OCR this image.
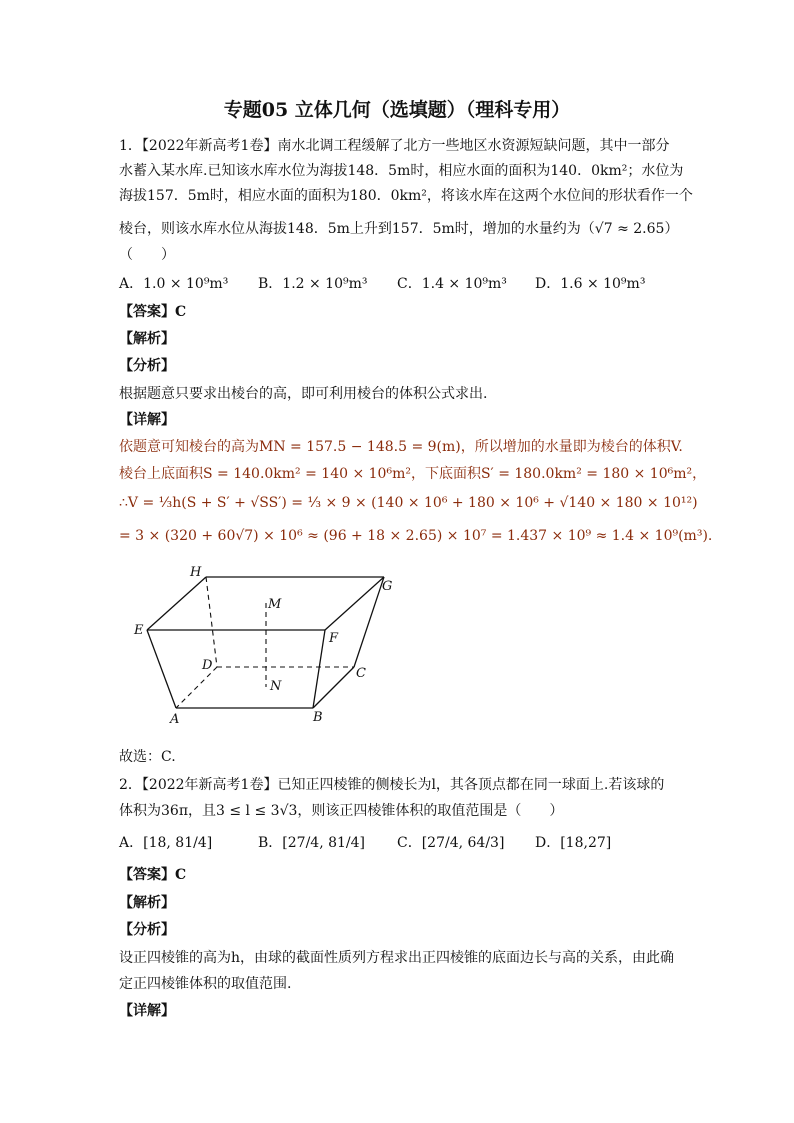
专题05 立体几何（选填题）（理科专用）
1．【2022年新高考1卷】南水北调工程缓解了北方一些地区水资源短缺问题，其中一部分
水蓄入某水库.已知该水库水位为海拔148．5m时，相应水面的面积为140．0km²；水位为
海拔157．5m时，相应水面的面积为180．0km²，将该水库在这两个水位间的形状看作一个
棱台，则该水库水位从海拔148．5m上升到157．5m时，增加的水量约为（√7 ≈ 2.65）
（　　）
A．1.0 × 10⁹m³ B．1.2 × 10⁹m³ C．1.4 × 10⁹m³ D．1.6 × 10⁹m³
【答案】C
【解析】
【分析】
根据题意只要求出棱台的高，即可利用棱台的体积公式求出.
【详解】
依题意可知棱台的高为MN = 157.5 − 148.5 = 9(m)，所以增加的水量即为棱台的体积V.
棱台上底面积S = 140.0km² = 140 × 10⁶m²，下底面积S′ = 180.0km² = 180 × 10⁶m²，
∴V = ⅓h(S + S′ + √SS′) = ⅓ × 9 × (140 × 10⁶ + 180 × 10⁶ + √140 × 180 × 10¹²)
= 3 × (320 + 60√7) × 10⁶ ≈ (96 + 18 × 2.65) × 10⁷ = 1.437 × 10⁹ ≈ 1.4 × 10⁹(m³).
H
G
M
E
F
D
C
N
A	B
故选：C.
2．【2022年新高考1卷】已知正四棱锥的侧棱长为l，其各顶点都在同一球面上.若该球的
体积为36π，且3 ≤ l ≤ 3√3，则该正四棱锥体积的取值范围是（　　）
A．[18, 81/4]	B．[27/4, 81/4] C．[27/4, 64/3] D．[18,27]
【答案】C
【解析】
【分析】
设正四棱锥的高为h，由球的截面性质列方程求出正四棱锥的底面边长与高的关系，由此确
定正四棱锥体积的取值范围.
【详解】
